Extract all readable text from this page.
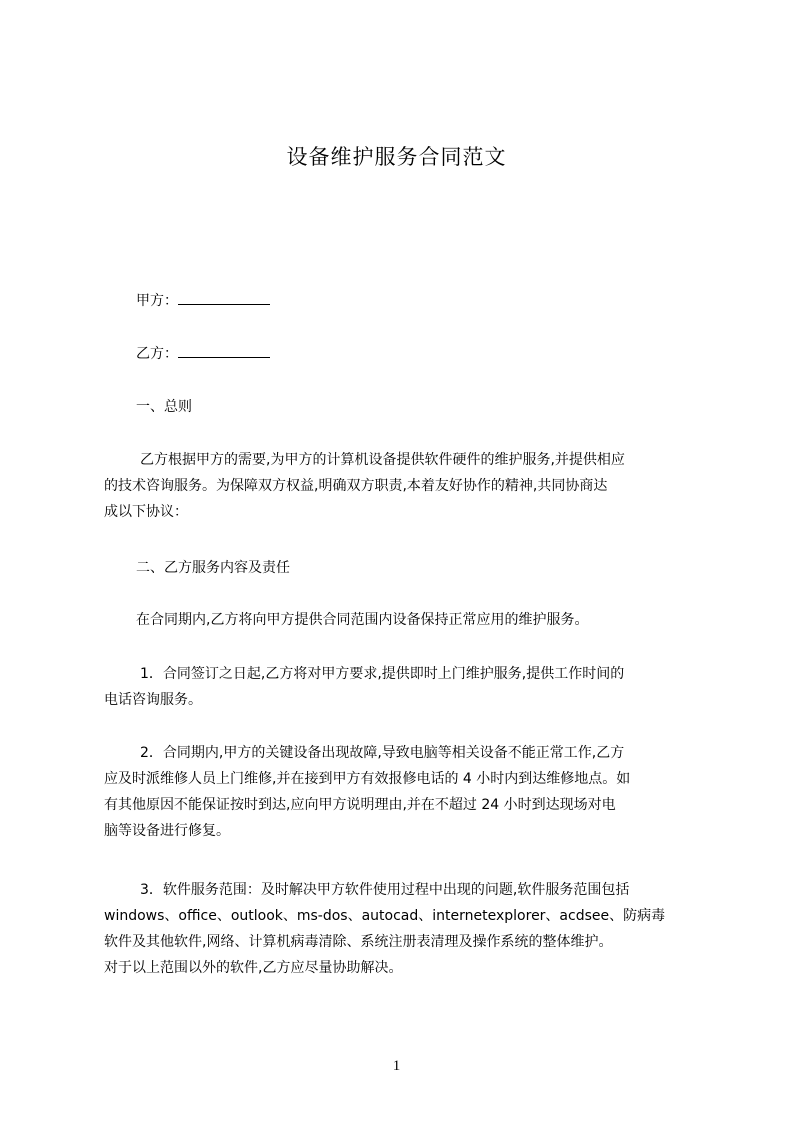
设备维护服务合同范文
甲方：
乙方：
一、总则
乙方根据甲方的需要,为甲方的计算机设备提供软件硬件的维护服务,并提供相应
的技术咨询服务。为保障双方权益,明确双方职责,本着友好协作的精神,共同协商达
成以下协议：
二、乙方服务内容及责任
在合同期内,乙方将向甲方提供合同范围内设备保持正常应用的维护服务。
1．合同签订之日起,乙方将对甲方要求,提供即时上门维护服务,提供工作时间的
电话咨询服务。
2．合同期内,甲方的关键设备出现故障,导致电脑等相关设备不能正常工作,乙方
应及时派维修人员上门维修,并在接到甲方有效报修电话的 4 小时内到达维修地点。如
有其他原因不能保证按时到达,应向甲方说明理由,并在不超过 24 小时到达现场对电
脑等设备进行修复。
3．软件服务范围：及时解决甲方软件使用过程中出现的问题,软件服务范围包括
windows、office、outlook、ms-dos、autocad、internetexplorer、acdsee、防病毒
软件及其他软件,网络、计算机病毒清除、系统注册表清理及操作系统的整体维护。
对于以上范围以外的软件,乙方应尽量协助解决。
1
